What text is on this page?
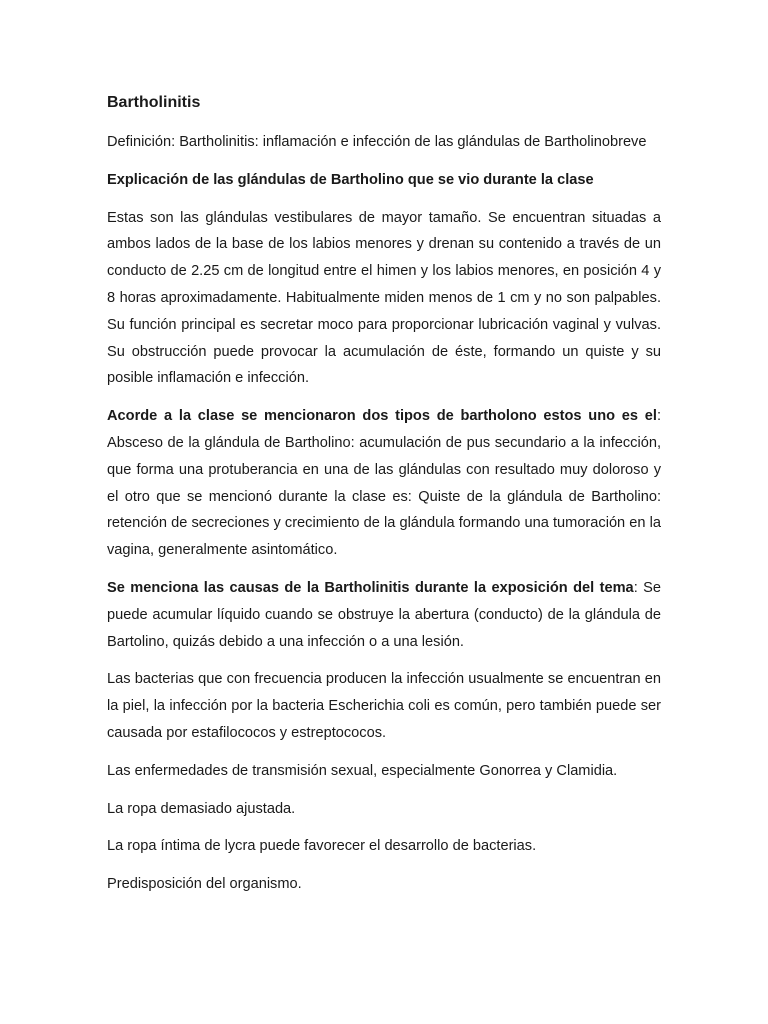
Bartholinitis

Definición: Bartholinitis: inflamación e infección de las glándulas de Bartholinobreve

Explicación de las glándulas de Bartholino que se vio durante la clase

Estas son las glándulas vestibulares de mayor tamaño. Se encuentran situadas a ambos lados de la base de los labios menores y drenan su contenido a través de un conducto de 2.25 cm de longitud entre el himen y los labios menores, en posición 4 y 8 horas aproximadamente. Habitualmente miden menos de 1 cm y no son palpables. Su función principal es secretar moco para proporcionar lubricación vaginal y vulvas. Su obstrucción puede provocar la acumulación de éste, formando un quiste y su posible inflamación e infección.

Acorde a la clase se mencionaron dos tipos de bartholono estos uno es el: Absceso de la glándula de Bartholino: acumulación de pus secundario a la infección, que forma una protuberancia en una de las glándulas con resultado muy doloroso y el otro que se mencionó durante la clase es: Quiste de la glándula de Bartholino: retención de secreciones y crecimiento de la glándula formando una tumoración en la vagina, generalmente asintomático.

Se menciona las causas de la Bartholinitis durante la exposición del tema: Se puede acumular líquido cuando se obstruye la abertura (conducto) de la glándula de Bartolino, quizás debido a una infección o a una lesión.

Las bacterias que con frecuencia producen la infección usualmente se encuentran en la piel, la infección por la bacteria Escherichia coli es común, pero también puede ser causada por estafilococos y estreptococos.

Las enfermedades de transmisión sexual, especialmente Gonorrea y Clamidia.

La ropa demasiado ajustada.

La ropa íntima de lycra puede favorecer el desarrollo de bacterias.

Predisposición del organismo.
